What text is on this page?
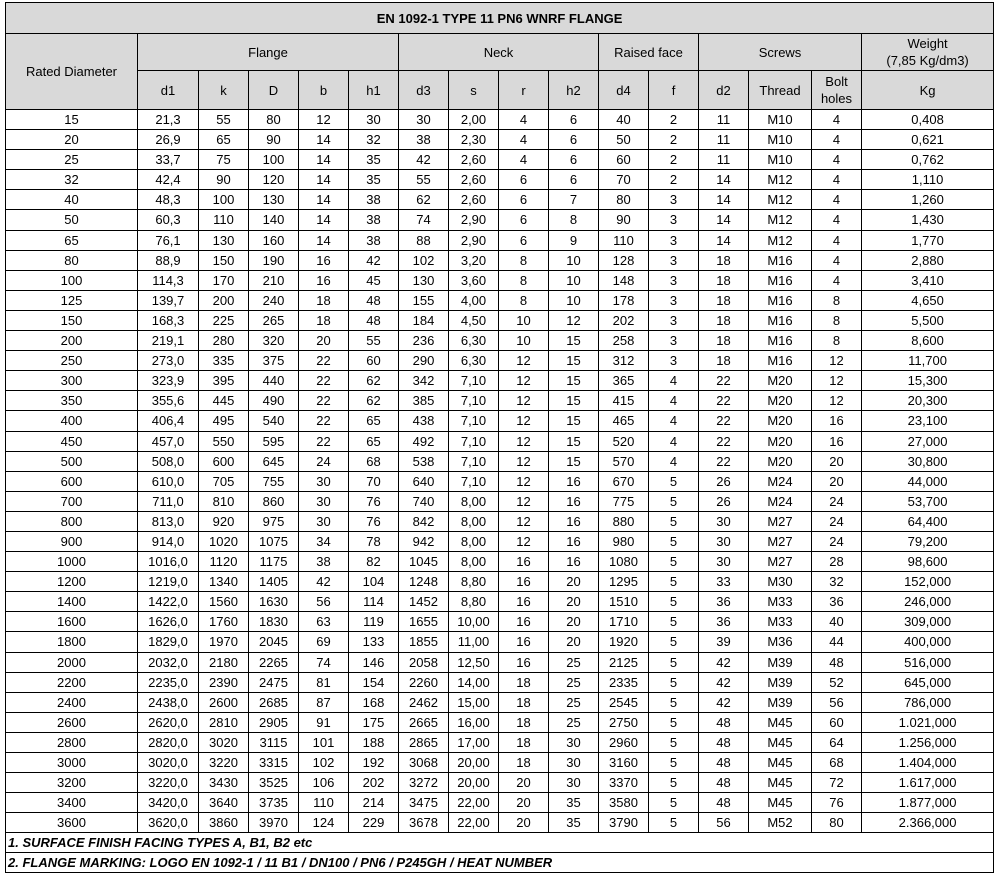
EN 1092-1 TYPE 11 PN6 WNRF FLANGE															
Rated Diameter	Flange					Neck				Raised face		Screws			Weight
(7,85 Kg/dm3)
	d1	k	D	b	h1	d3	s	r	h2	d4	f	d2	Thread	Bolt holes	Kg
15	21,3	55	80	12	30	30	2,00	4	6	40	2	11	M10	4	0,408
20	26,9	65	90	14	32	38	2,30	4	6	50	2	11	M10	4	0,621
25	33,7	75	100	14	35	42	2,60	4	6	60	2	11	M10	4	0,762
32	42,4	90	120	14	35	55	2,60	6	6	70	2	14	M12	4	1,110
40	48,3	100	130	14	38	62	2,60	6	7	80	3	14	M12	4	1,260
50	60,3	110	140	14	38	74	2,90	6	8	90	3	14	M12	4	1,430
65	76,1	130	160	14	38	88	2,90	6	9	110	3	14	M12	4	1,770
80	88,9	150	190	16	42	102	3,20	8	10	128	3	18	M16	4	2,880
100	114,3	170	210	16	45	130	3,60	8	10	148	3	18	M16	4	3,410
125	139,7	200	240	18	48	155	4,00	8	10	178	3	18	M16	8	4,650
150	168,3	225	265	18	48	184	4,50	10	12	202	3	18	M16	8	5,500
200	219,1	280	320	20	55	236	6,30	10	15	258	3	18	M16	8	8,600
250	273,0	335	375	22	60	290	6,30	12	15	312	3	18	M16	12	11,700
300	323,9	395	440	22	62	342	7,10	12	15	365	4	22	M20	12	15,300
350	355,6	445	490	22	62	385	7,10	12	15	415	4	22	M20	12	20,300
400	406,4	495	540	22	65	438	7,10	12	15	465	4	22	M20	16	23,100
450	457,0	550	595	22	65	492	7,10	12	15	520	4	22	M20	16	27,000
500	508,0	600	645	24	68	538	7,10	12	15	570	4	22	M20	20	30,800
600	610,0	705	755	30	70	640	7,10	12	16	670	5	26	M24	20	44,000
700	711,0	810	860	30	76	740	8,00	12	16	775	5	26	M24	24	53,700
800	813,0	920	975	30	76	842	8,00	12	16	880	5	30	M27	24	64,400
900	914,0	1020	1075	34	78	942	8,00	12	16	980	5	30	M27	24	79,200
1000	1016,0	1120	1175	38	82	1045	8,00	16	16	1080	5	30	M27	28	98,600
1200	1219,0	1340	1405	42	104	1248	8,80	16	20	1295	5	33	M30	32	152,000
1400	1422,0	1560	1630	56	114	1452	8,80	16	20	1510	5	36	M33	36	246,000
1600	1626,0	1760	1830	63	119	1655	10,00	16	20	1710	5	36	M33	40	309,000
1800	1829,0	1970	2045	69	133	1855	11,00	16	20	1920	5	39	M36	44	400,000
2000	2032,0	2180	2265	74	146	2058	12,50	16	25	2125	5	42	M39	48	516,000
2200	2235,0	2390	2475	81	154	2260	14,00	18	25	2335	5	42	M39	52	645,000
2400	2438,0	2600	2685	87	168	2462	15,00	18	25	2545	5	42	M39	56	786,000
2600	2620,0	2810	2905	91	175	2665	16,00	18	25	2750	5	48	M45	60	1.021,000
2800	2820,0	3020	3115	101	188	2865	17,00	18	30	2960	5	48	M45	64	1.256,000
3000	3020,0	3220	3315	102	192	3068	20,00	18	30	3160	5	48	M45	68	1.404,000
3200	3220,0	3430	3525	106	202	3272	20,00	20	30	3370	5	48	M45	72	1.617,000
3400	3420,0	3640	3735	110	214	3475	22,00	20	35	3580	5	48	M45	76	1.877,000
3600	3620,0	3860	3970	124	229	3678	22,00	20	35	3790	5	56	M52	80	2.366,000
1. SURFACE FINISH FACING TYPES A, B1, B2 etc															
2. FLANGE MARKING: LOGO EN 1092-1 / 11 B1 / DN100 / PN6 / P245GH / HEAT NUMBER															
